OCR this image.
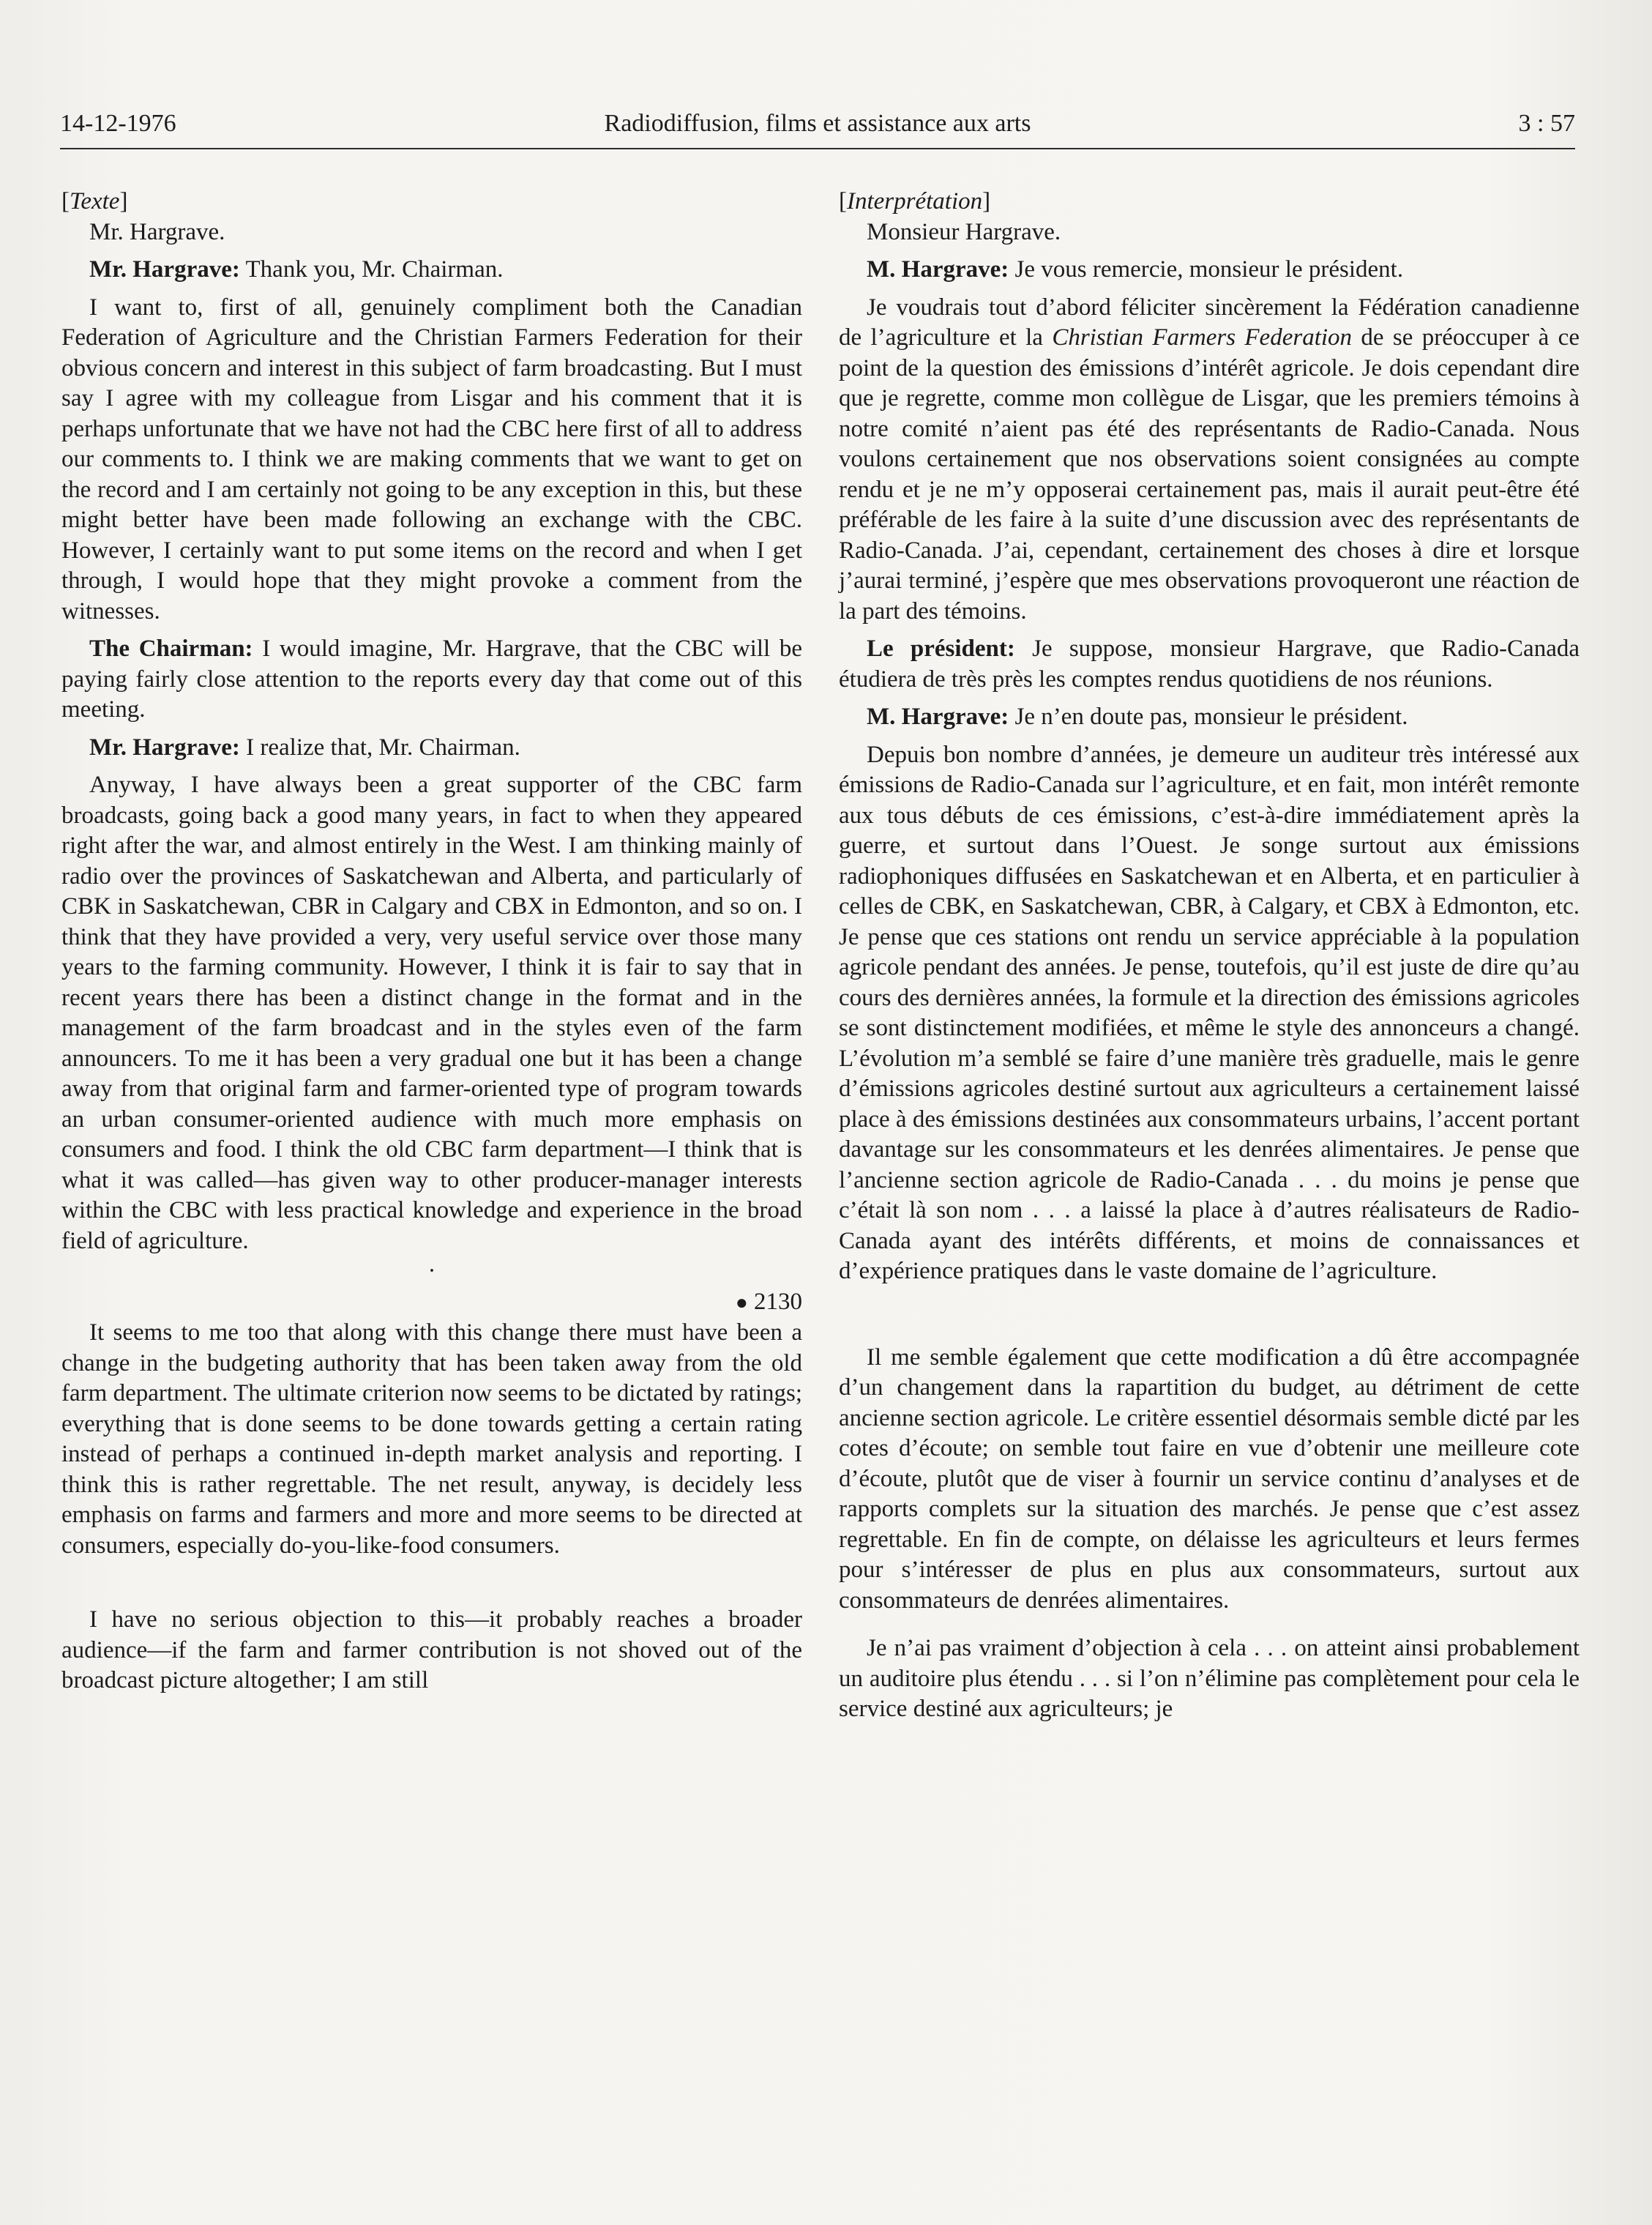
14-12-1976	Radiodiffusion, films et assistance aux arts	3 : 57

[Texte]

Mr. Hargrave.

Mr. Hargrave: Thank you, Mr. Chairman.

I want to, first of all, genuinely compliment both the Canadian Federation of Agriculture and the Christian Farmers Federation for their obvious concern and interest in this subject of farm broadcasting. But I must say I agree with my colleague from Lisgar and his comment that it is perhaps unfortunate that we have not had the CBC here first of all to address our comments to. I think we are making comments that we want to get on the record and I am certainly not going to be any exception in this, but these might better have been made following an exchange with the CBC. However, I certainly want to put some items on the record and when I get through, I would hope that they might provoke a comment from the witnesses.

The Chairman: I would imagine, Mr. Hargrave, that the CBC will be paying fairly close attention to the reports every day that come out of this meeting.

Mr. Hargrave: I realize that, Mr. Chairman.

Anyway, I have always been a great supporter of the CBC farm broadcasts, going back a good many years, in fact to when they appeared right after the war, and almost entirely in the West. I am thinking mainly of radio over the provinces of Saskatchewan and Alberta, and particularly of CBK in Saskatchewan, CBR in Calgary and CBX in Edmonton, and so on. I think that they have provided a very, very useful service over those many years to the farming community. However, I think it is fair to say that in recent years there has been a distinct change in the format and in the management of the farm broadcast and in the styles even of the farm announcers. To me it has been a very gradual one but it has been a change away from that original farm and farmer-oriented type of program towards an urban consumer-oriented audience with much more emphasis on consumers and food. I think the old CBC farm department—I think that is what it was called—has given way to other producer-manager interests within the CBC with less practical knowledge and experience in the broad field of agriculture.

·

● 2130

It seems to me too that along with this change there must have been a change in the budgeting authority that has been taken away from the old farm department. The ultimate criterion now seems to be dictated by ratings; everything that is done seems to be done towards getting a certain rating instead of perhaps a continued in-depth market analysis and reporting. I think this is rather regrettable. The net result, anyway, is decidely less emphasis on farms and farmers and more and more seems to be directed at consumers, especially do-you-like-food consumers.

I have no serious objection to this—it probably reaches a broader audience—if the farm and farmer contribution is not shoved out of the broadcast picture altogether; I am still

[Interprétation]

Monsieur Hargrave.

M. Hargrave: Je vous remercie, monsieur le président.

Je voudrais tout d’abord féliciter sincèrement la Fédération canadienne de l’agriculture et la Christian Farmers Federation de se préoccuper à ce point de la question des émissions d’intérêt agricole. Je dois cependant dire que je regrette, comme mon collègue de Lisgar, que les premiers témoins à notre comité n’aient pas été des représentants de Radio-Canada. Nous voulons certainement que nos observations soient consignées au compte rendu et je ne m’y opposerai certainement pas, mais il aurait peut-être été préférable de les faire à la suite d’une discussion avec des représentants de Radio-Canada. J’ai, cependant, certainement des choses à dire et lorsque j’aurai terminé, j’espère que mes observations provoqueront une réaction de la part des témoins.

Le président: Je suppose, monsieur Hargrave, que Radio-Canada étudiera de très près les comptes rendus quotidiens de nos réunions.

M. Hargrave: Je n’en doute pas, monsieur le président.

Depuis bon nombre d’années, je demeure un auditeur très intéressé aux émissions de Radio-Canada sur l’agriculture, et en fait, mon intérêt remonte aux tous débuts de ces émissions, c’est-à-dire immédiatement après la guerre, et surtout dans l’Ouest. Je songe surtout aux émissions radiophoniques diffusées en Saskatchewan et en Alberta, et en particulier à celles de CBK, en Saskatchewan, CBR, à Calgary, et CBX à Edmonton, etc. Je pense que ces stations ont rendu un service appréciable à la population agricole pendant des années. Je pense, toutefois, qu’il est juste de dire qu’au cours des dernières années, la formule et la direction des émissions agricoles se sont distinctement modifiées, et même le style des annonceurs a changé. L’évolution m’a semblé se faire d’une manière très graduelle, mais le genre d’émissions agricoles destiné surtout aux agriculteurs a certainement laissé place à des émissions destinées aux consommateurs urbains, l’accent portant davantage sur les consommateurs et les denrées alimentaires. Je pense que l’ancienne section agricole de Radio-Canada . . . du moins je pense que c’était là son nom . . . a laissé la place à d’autres réalisateurs de Radio-Canada ayant des intérêts différents, et moins de connaissances et d’expérience pratiques dans le vaste domaine de l’agriculture.

Il me semble également que cette modification a dû être accompagnée d’un changement dans la rapartition du budget, au détriment de cette ancienne section agricole. Le critère essentiel désormais semble dicté par les cotes d’écoute; on semble tout faire en vue d’obtenir une meilleure cote d’écoute, plutôt que de viser à fournir un service continu d’analyses et de rapports complets sur la situation des marchés. Je pense que c’est assez regrettable. En fin de compte, on délaisse les agriculteurs et leurs fermes pour s’intéresser de plus en plus aux consommateurs, surtout aux consommateurs de denrées alimentaires.

Je n’ai pas vraiment d’objection à cela . . . on atteint ainsi probablement un auditoire plus étendu . . . si l’on n’élimine pas complètement pour cela le service destiné aux agriculteurs; je
